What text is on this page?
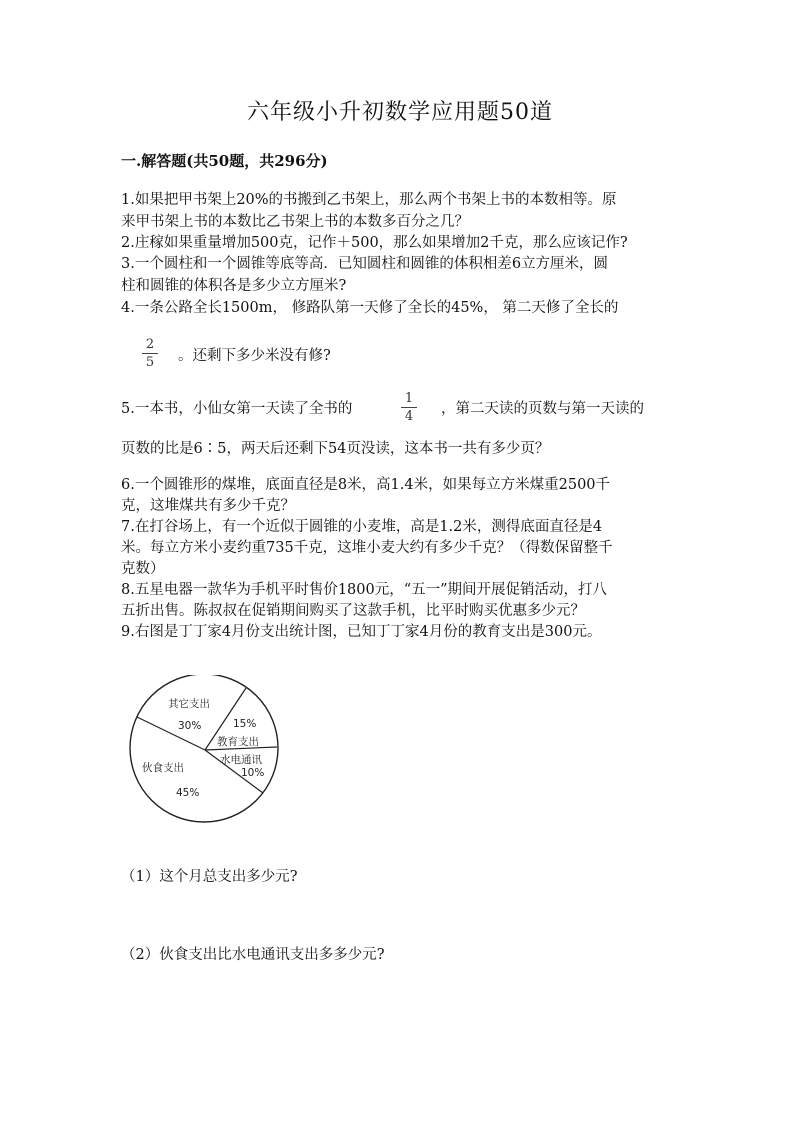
六年级小升初数学应用题50道
一.解答题(共50题，共296分)
1.如果把甲书架上20%的书搬到乙书架上，那么两个书架上书的本数相等。原
来甲书架上书的本数比乙书架上书的本数多百分之几？
2.庄稼如果重量增加500克，记作＋500，那么如果增加2千克，那么应该记作?
3.一个圆柱和一个圆锥等底等高．已知圆柱和圆锥的体积相差6立方厘米，圆
柱和圆锥的体积各是多少立方厘米?
4.一条公路全长1500m， 修路队第一天修了全长的45%， 第二天修了全长的
$\frac{2}{5}$ 。还剩下多少米没有修?
5.一本书，小仙女第一天读了全书的	$\frac{1}{4}$ ，第二天读的页数与第一天读的
页数的比是6∶5，两天后还剩下54页没读，这本书一共有多少页？
6.一个圆锥形的煤堆，底面直径是8米，高1.4米，如果每立方米煤重2500千
克，这堆煤共有多少千克？
7.在打谷场上，有一个近似于圆锥的小麦堆，高是1.2米，测得底面直径是4
米。每立方米小麦约重735千克，这堆小麦大约有多少千克？（得数保留整千
克数）
8.五星电器一款华为手机平时售价1800元，“五一”期间开展促销活动，打八
五折出售。陈叔叔在促销期间购买了这款手机，比平时购买优惠多少元？
9.右图是丁丁家4月份支出统计图，已知丁丁家4月份的教育支出是300元。
其它支出
30%	15%
教育支出
水电通讯
10%
伙食支出
45%
（1）这个月总支出多少元?
（2）伙食支出比水电通讯支出多多少元?
